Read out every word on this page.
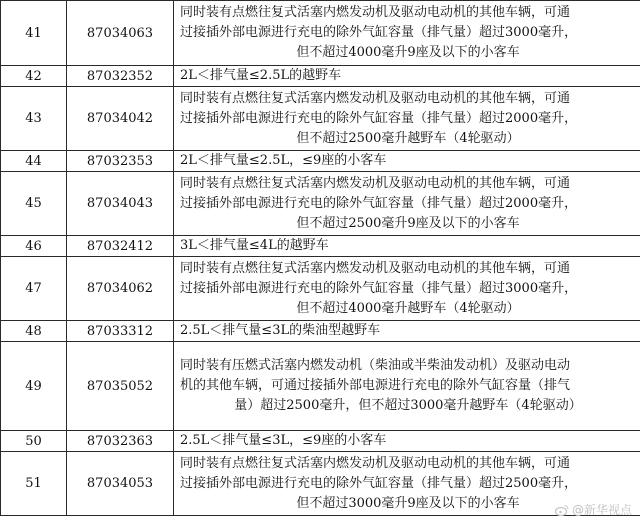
41	87034063	同时装有点燃往复式活塞内燃发动机及驱动电动机的其他车辆，可通
过接插外部电源进行充电的除外气缸容量（排气量）超过3000毫升，
但不超过4000毫升9座及以下的小客车

42	87032352	2L＜排气量≤2.5L的越野车

43	87034042	同时装有点燃往复式活塞内燃发动机及驱动电动机的其他车辆，可通
过接插外部电源进行充电的除外气缸容量（排气量）超过2000毫升，
但不超过2500毫升越野车（4轮驱动）

44	87032353	2L＜排气量≤2.5L，≤9座的小客车

45	87034043	同时装有点燃往复式活塞内燃发动机及驱动电动机的其他车辆，可通
过接插外部电源进行充电的除外气缸容量（排气量）超过2000毫升，
但不超过2500毫升9座及以下的小客车

46	87032412	3L＜排气量≤4L的越野车

47	87034062	同时装有点燃往复式活塞内燃发动机及驱动电动机的其他车辆，可通
过接插外部电源进行充电的除外气缸容量（排气量）超过3000毫升，
但不超过4000毫升越野车（4轮驱动）

48	87033312	2.5L＜排气量≤3L的柴油型越野车

49	87035052	同时装有压燃式活塞内燃发动机（柴油或半柴油发动机）及驱动电动
机的其他车辆，可通过接插外部电源进行充电的除外气缸容量（排气
量）超过2500毫升，但不超过3000毫升越野车（4轮驱动）

50	87032363	2.5L＜排气量≤3L，≤9座的小客车

51	87034053	同时装有点燃往复式活塞内燃发动机及驱动电动机的其他车辆，可通
过接插外部电源进行充电的除外气缸容量（排气量）超过2500毫升，
但不超过3000毫升9座及以下的小客车	@新华视点
